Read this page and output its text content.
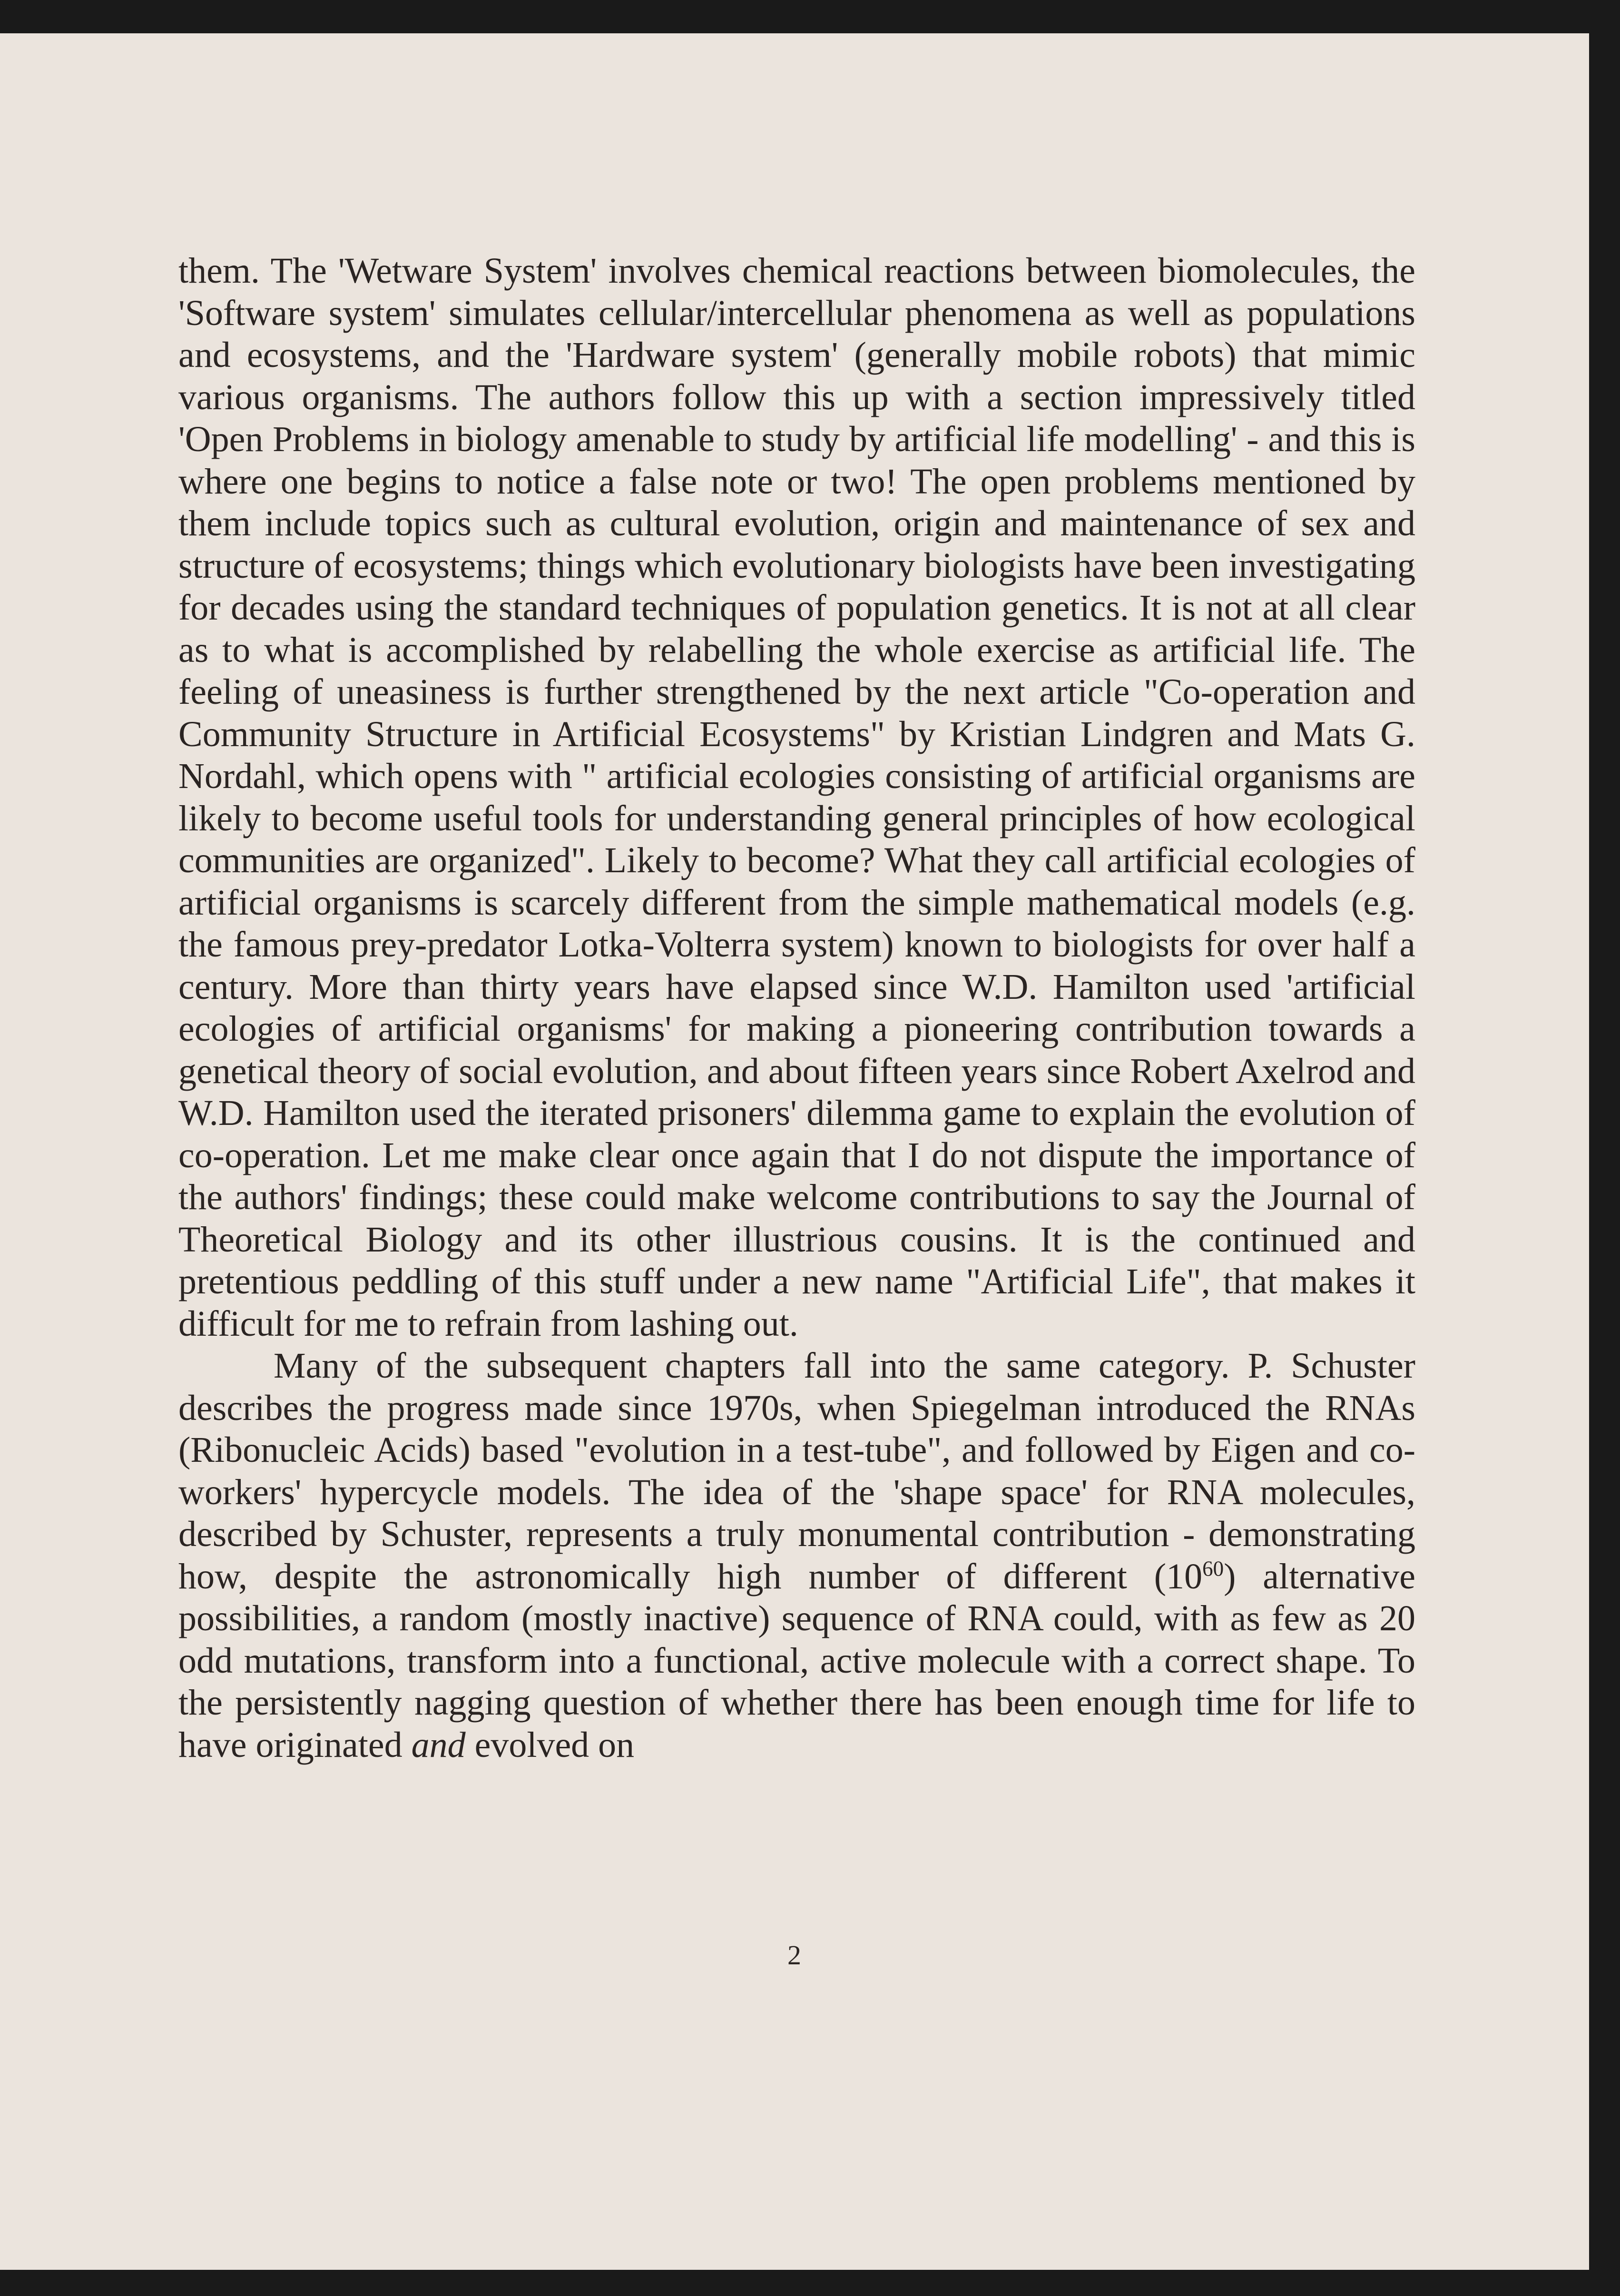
them. The 'Wetware System' involves chemical reactions between biomolecules, the 'Software system' simulates cellular/intercellular phenomena as well as populations and ecosystems, and the 'Hardware system' (generally mobile robots) that mimic various organisms. The authors follow this up with a section impressively titled 'Open Problems in biology amenable to study by artificial life modelling' - and this is where one begins to notice a false note or two! The open problems mentioned by them include topics such as cultural evolution, origin and maintenance of sex and structure of ecosystems; things which evolutionary biologists have been investigating for decades using the standard techniques of population genetics. It is not at all clear as to what is accomplished by relabelling the whole exercise as artificial life. The feeling of uneasiness is further strengthened by the next article "Co-operation and Community Structure in Artificial Ecosystems" by Kristian Lindgren and Mats G. Nordahl, which opens with " artificial ecologies consisting of artificial organisms are likely to become useful tools for understanding general principles of how ecological communities are organized". Likely to become? What they call artificial ecologies of artificial organisms is scarcely different from the simple mathematical models (e.g. the famous prey-predator Lotka-Volterra system) known to biologists for over half a century. More than thirty years have elapsed since W.D. Hamilton used 'artificial ecologies of artificial organisms' for making a pioneering contribution towards a genetical theory of social evolution, and about fifteen years since Robert Axelrod and W.D. Hamilton used the iterated prisoners' dilemma game to explain the evolution of co-operation. Let me make clear once again that I do not dispute the importance of the authors' findings; these could make welcome contributions to say the Journal of Theoretical Biology and its other illustrious cousins. It is the continued and pretentious peddling of this stuff under a new name "Artificial Life", that makes it difficult for me to refrain from lashing out.

Many of the subsequent chapters fall into the same category. P. Schuster describes the progress made since 1970s, when Spiegelman introduced the RNAs (Ribonucleic Acids) based "evolution in a test-tube", and followed by Eigen and co-workers' hypercycle models. The idea of the 'shape space' for RNA molecules, described by Schuster, represents a truly monumental contribution - demonstrating how, despite the astronomically high number of different $(10^{60})$ alternative possibilities, a random (mostly inactive) sequence of RNA could, with as few as 20 odd mutations, transform into a functional, active molecule with a correct shape. To the persistently nagging question of whether there has been enough time for life to have originated and evolved on

2
